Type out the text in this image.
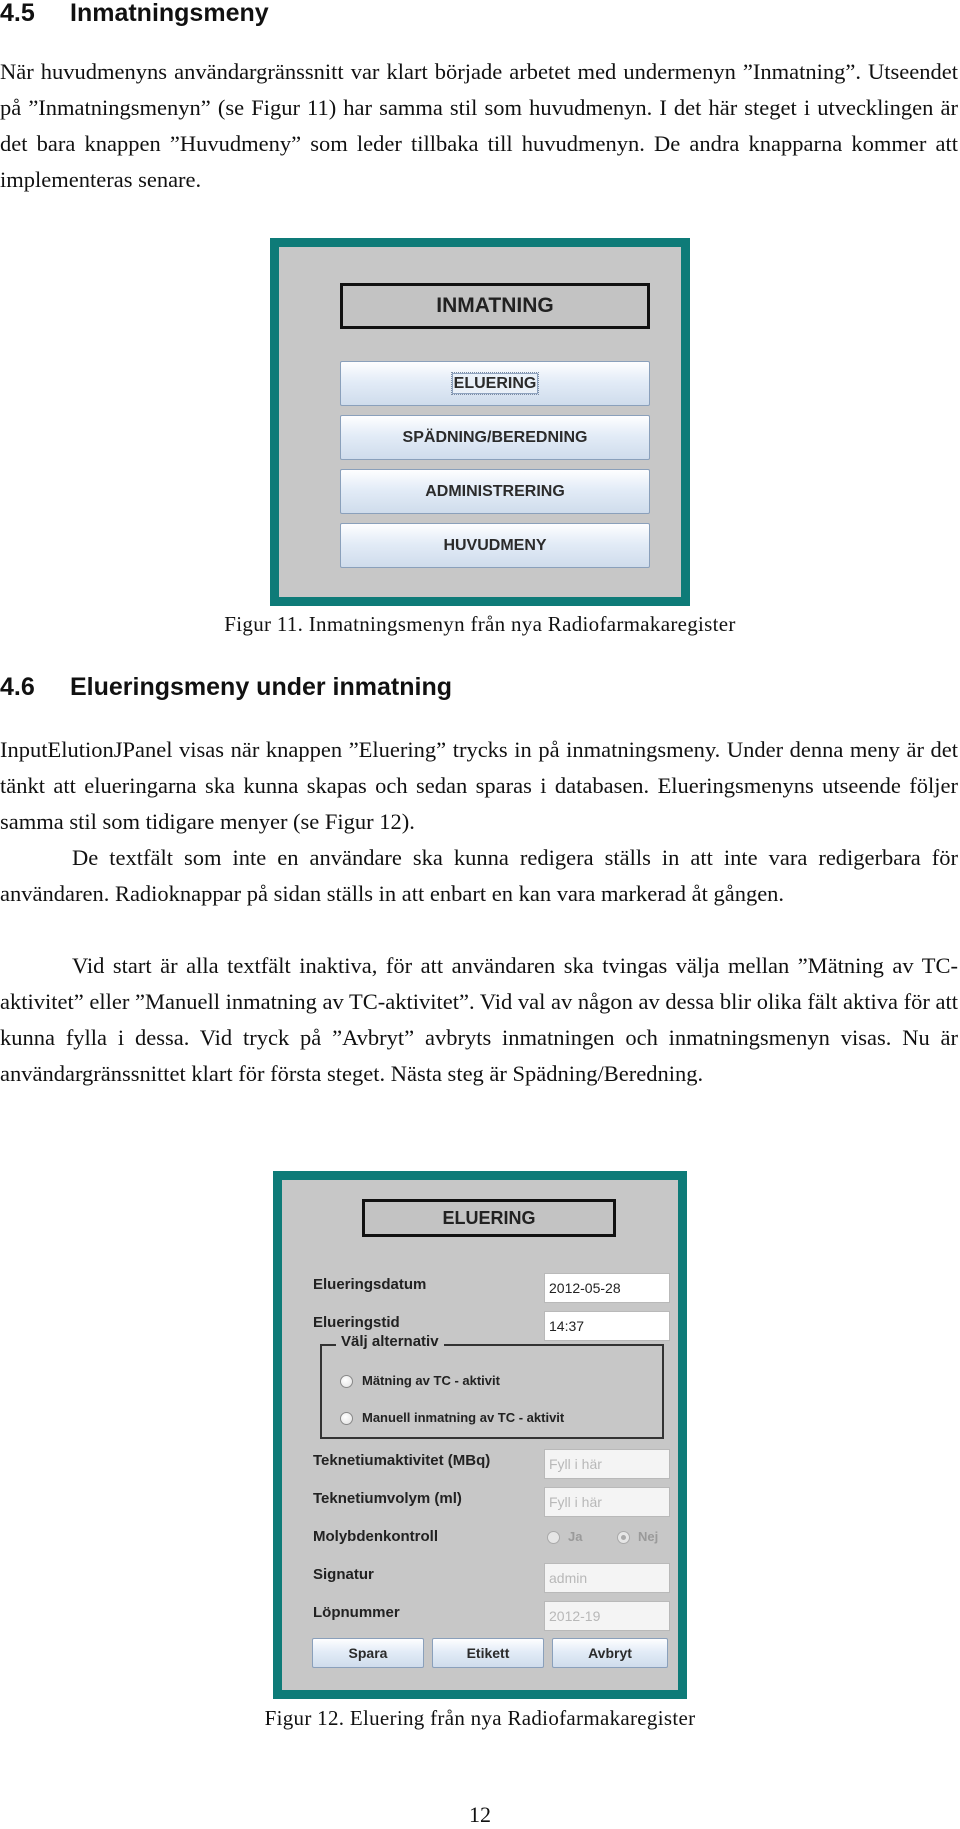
4.5 Inmatningsmeny

När huvudmenyns användargränssnitt var klart började arbetet med undermenyn ”Inmatning”. Utseendet på ”Inmatningsmenyn” (se Figur 11) har samma stil som huvudmenyn. I det här steget i utvecklingen är det bara knappen ”Huvudmeny” som leder tillbaka till huvudmenyn. De andra knapparna kommer att implementeras senare.

INMATNING
ELUERING
SPÄDNING/BEREDNING
ADMINISTRERING
HUVUDMENY
Figur 11. Inmatningsmenyn från nya Radiofarmakaregister
4.6 Elueringsmeny under inmatning

InputElutionJPanel visas när knappen ”Eluering” trycks in på inmatningsmeny. Under denna meny är det tänkt att elueringarna ska kunna skapas och sedan sparas i databasen. Elueringsmenyns utseende följer samma stil som tidigare menyer (se Figur 12).

De textfält som inte en användare ska kunna redigera ställs in att inte vara redigerbara för användaren. Radioknappar på sidan ställs in att enbart en kan vara markerad åt gången.

Vid start är alla textfält inaktiva, för att användaren ska tvingas välja mellan ”Mätning av TC-aktivitet” eller ”Manuell inmatning av TC-aktivitet”. Vid val av någon av dessa blir olika fält aktiva för att kunna fylla i dessa. Vid tryck på ”Avbryt” avbryts inmatningen och inmatningsmenyn visas. Nu är användargränssnittet klart för första steget. Nästa steg är Spädning/Beredning.

ELUERING
Elueringsdatum
2012-05-28
Elueringstid
14:37
Välj alternativ
Mätning av TC - aktivit
Manuell inmatning av TC - aktivit
Teknetiumaktivitet (MBq)
Fyll i här
Teknetiumvolym (ml)
Fyll i här
Molybdenkontroll	Ja	Nej
Signatur
admin
Löpnummer
2012-19
Spara	Etikett	Avbryt
Figur 12. Eluering från nya Radiofarmakaregister
12
